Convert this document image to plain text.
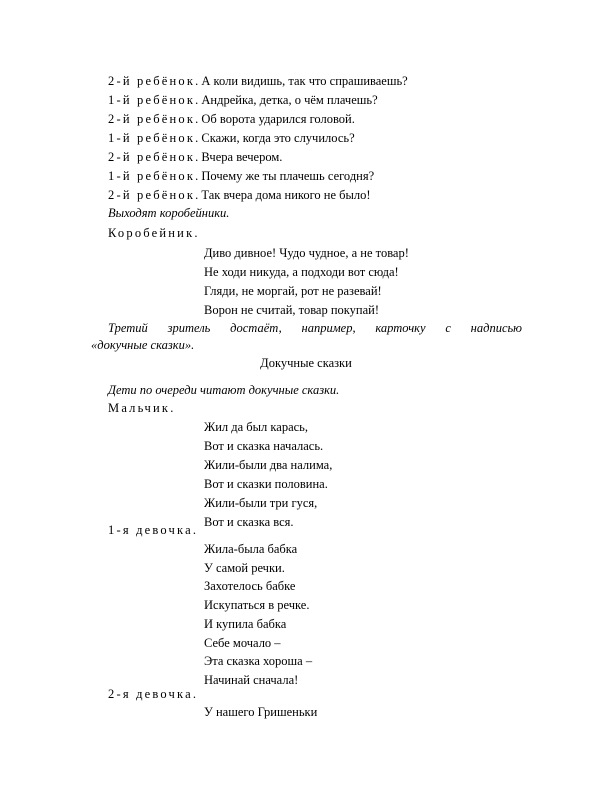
2-й ребёнок. А коли видишь, так что спрашиваешь?
1-й ребёнок. Андрейка, детка, о чём плачешь?
2-й ребёнок. Об ворота ударился головой.
1-й ребёнок. Скажи, когда это случилось?
2-й ребёнок. Вчера вечером.
1-й ребёнок. Почему же ты плачешь сегодня?
2-й ребёнок. Так вчера дома никого не было!
Выходят коробейники.
Коробейник.
Диво дивное! Чудо чудное, а не товар!
Не ходи никуда, а подходи вот сюда!
Гляди, не моргай, рот не разевай!
Ворон не считай, товар покупай!
Третий зритель достаёт, например, карточку с надписью
«докучные сказки».
Докучные сказки
Дети по очереди читают докучные сказки.
Мальчик.
Жил да был карась,
Вот и сказка началась.
Жили-были два налима,
Вот и сказки половина.
Жили-были три гуся,
Вот и сказка вся.
1-я девочка.
Жила-была бабка
У самой речки.
Захотелось бабке
Искупаться в речке.
И купила бабка
Себе мочало –
Эта сказка хороша –
Начинай сначала!
2-я девочка.
У нашего Гришеньки
